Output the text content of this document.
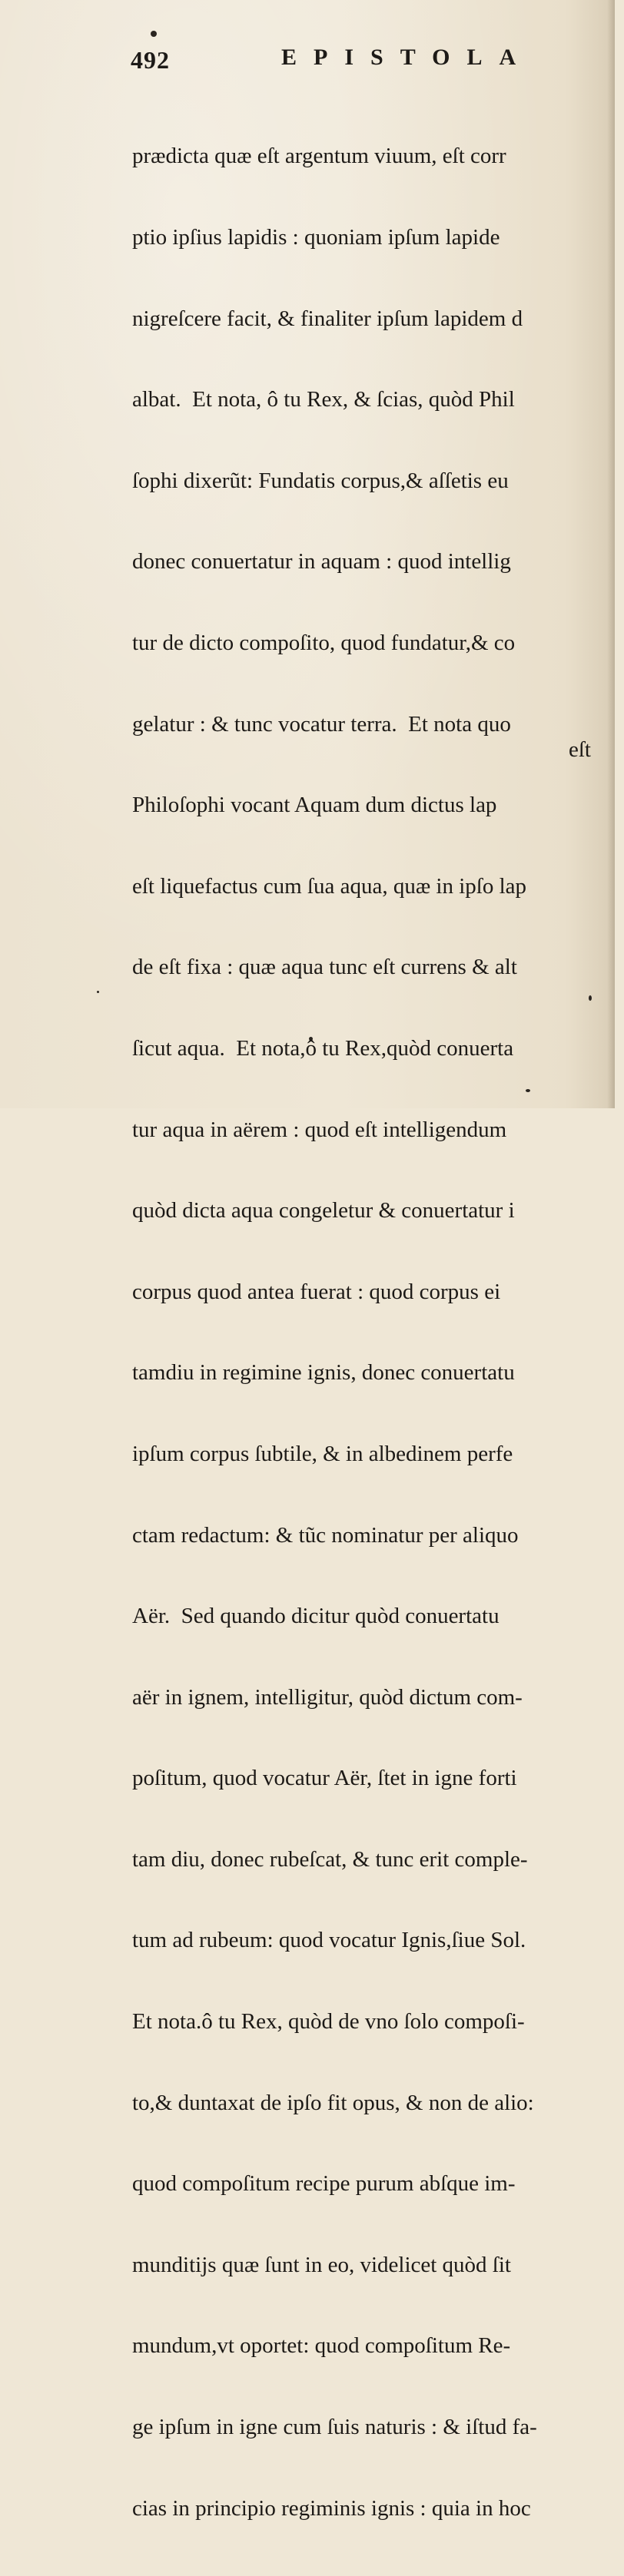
492	EPISTOLA

prædicta quæ eſt argentum viuum, eſt corr

ptio ipſius lapidis : quoniam ipſum lapide

nigreſcere facit, & finaliter ipſum lapidem d

albat.  Et nota, ô tu Rex, & ſcias, quòd Phil

ſophi dixerũt: Fundatis corpus,& aſſetis eu

donec conuertatur in aquam : quod intellig

tur de dicto compoſito, quod fundatur,& co

gelatur : & tunc vocatur terra.  Et nota quo

Philoſophi vocant Aquam dum dictus lap

eſt liquefactus cum ſua aqua, quæ in ipſo lap

de eſt fixa : quæ aqua tunc eſt currens & alt

ſicut aqua.  Et nota,ô tu Rex,quòd conuerta

tur aqua in aërem : quod eſt intelligendum

quòd dicta aqua congeletur & conuertatur i

corpus quod antea fuerat : quod corpus ei

tamdiu in regimine ignis, donec conuertatu

ipſum corpus ſubtile, & in albedinem perfe

ctam redactum: & tũc nominatur per aliquo

Aër.  Sed quando dicitur quòd conuertatu

aër in ignem, intelligitur, quòd dictum com-

poſitum, quod vocatur Aër, ſtet in igne forti

tam diu, donec rubeſcat, & tunc erit comple-

tum ad rubeum: quod vocatur Ignis,ſiue Sol.

Et nota.ô tu Rex, quòd de vno ſolo compoſi-

to,& duntaxat de ipſo fit opus, & non de alio:

quod compoſitum recipe purum abſque im-

munditijs quæ ſunt in eo, videlicet quòd ſit

mundum,vt oportet: quod compoſitum Re-

ge ipſum in igne cum ſuis naturis : & iſtud fa-

cias in principio regiminis ignis : quia in hoc

eſt
